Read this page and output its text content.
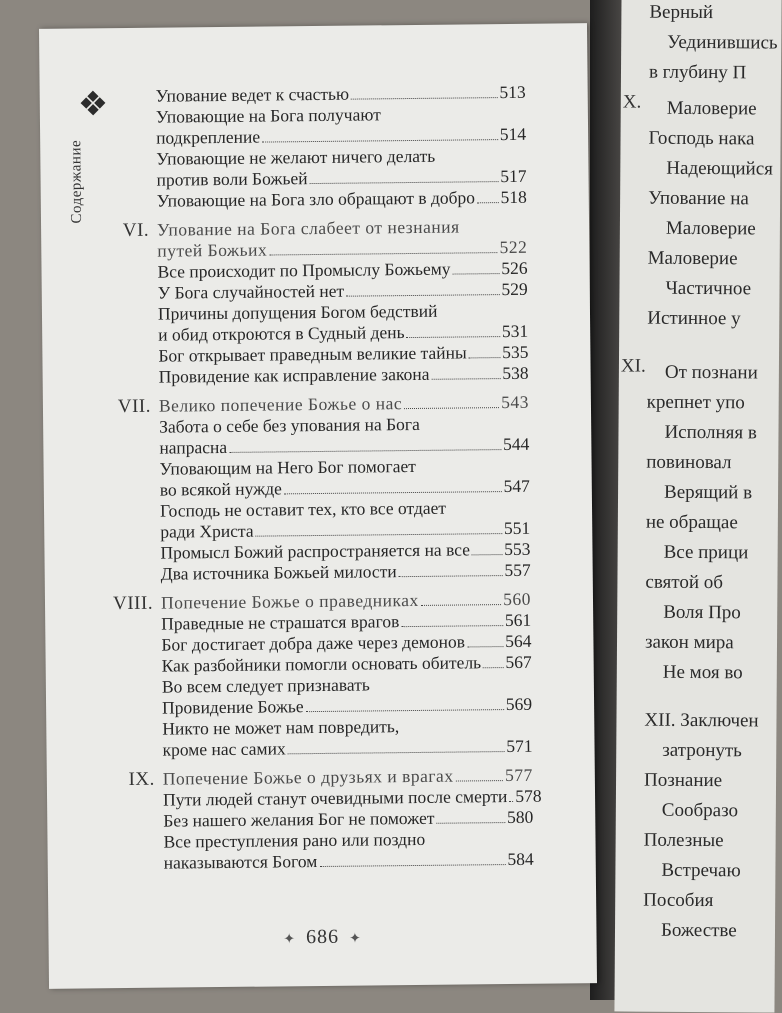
Верный
Уединившись
в глубину П
X. Маловерие
Господь нака
Надеющийся
Упование на
Маловерие
Маловерие
Частичное
Истинное у
XI. От познани
крепнет упо
Исполняя в
повиновал
Верящий в
не обращае
Все прици
святой об
Воля Про
закон мира
Не моя во
XII. Заключен
затронуть
Познание
Сообразо
Полезные
Встречаю
Пособия
Божестве
❖
Содержание
Упование ведет к счастью	513
Уповающие на Бога получают
подкрепление	514
Уповающие не желают ничего делать
против воли Божьей	517
Уповающие на Бога зло обращают в добро 518
VI. Упование на Бога слабеет от незнания
путей Божьих	522
Все происходит по Промыслу Божьему	526
У Бога случайностей нет	529
Причины допущения Богом бедствий
и обид откроются в Судный день	531
Бог открывает праведным великие тайны 535
Провидение как исправление закона	538
VII. Велико попечение Божье о нас	543
Забота о себе без упования на Бога
напрасна	544
Уповающим на Него Бог помогает
во всякой нужде	547
Господь не оставит тех, кто все отдает
ради Христа	551
Промысл Божий распространяется на все 553
Два источника Божьей милости	557
VIII. Попечение Божье о праведниках	560
Праведные не страшатся врагов	561
Бог достигает добра даже через демонов 564
Как разбойники помогли основать обитель 567
Во всем следует признавать
Провидение Божье	569
Никто не может нам повредить,
кроме нас самих	571
IX. Попечение Божье о друзьях и врагах	577
Пути людей станут очевидными после смерти 578
Без нашего желания Бог не поможет	580
Все преступления рано или поздно
наказываются Богом	584
✦ 686 ✦
